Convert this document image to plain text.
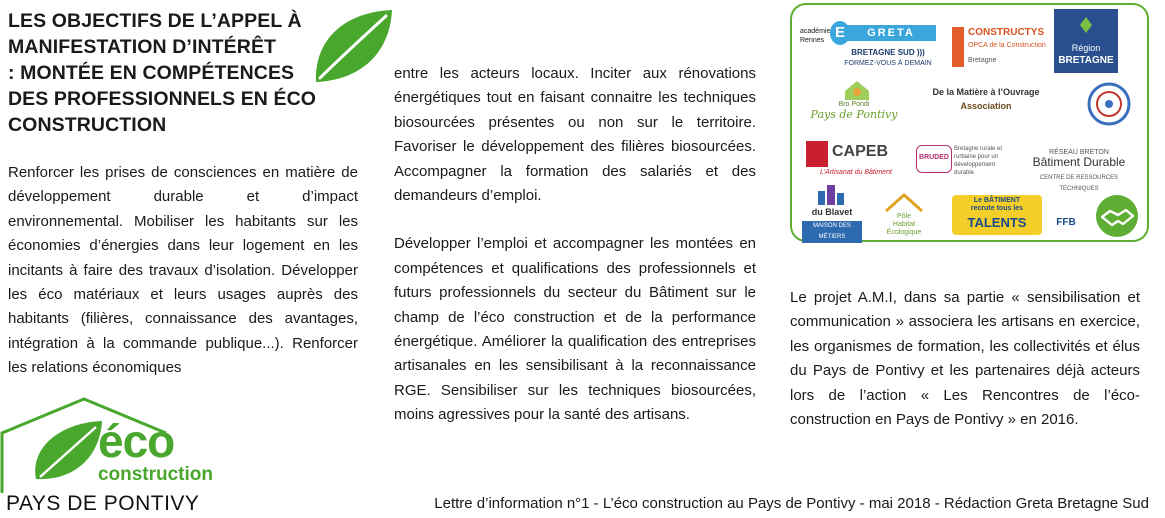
LES OBJECTIFS DE L’APPEL À
MANIFESTATION D’INTÉRÊT
: MONTÉE EN COMPÉTENCES
DES PROFESSIONNELS EN ÉCO
CONSTRUCTION

Renforcer les prises de consciences en matière de développement durable et d’impact environnemental. Mobiliser les habitants sur les économies d’énergies dans leur logement en les incitants à faire des travaux d’isolation. Développer les éco matériaux et leurs usages auprès des habitants (filières, connaissance des avantages, intégration à la commande publique...). Renforcer les relations économiques

entre les acteurs locaux. Inciter aux rénovations énergétiques tout en faisant connaitre les techniques biosourcées présentes ou non sur le territoire. Favoriser le développement des filières biosourcées. Accompagner la formation des salariés et des demandeurs d’emploi.

Développer l’emploi et accompagner les montées en compétences et qualifications des professionnels et futurs professionnels du secteur du Bâtiment sur le champ de l’éco construction et de la performance énergétique. Améliorer la qualification des entreprises artisanales en les sensibilisant à la reconnaissance RGE. Sensibiliser sur les techniques biosourcées, moins agressives pour la santé des artisans.

académie
Rennes E	GRETA
BRETAGNE SUD )))
FORMEZ-VOUS À DEMAIN
CONSTRUCTYS
OPCA de la Construction
Bretagne
Région
BRETAGNE
Bro Pondi
Pays de Pontivy
De la Matière à l’Ouvrage
Association
CAPEB
L’Artisanat du Bâtiment
BRUDED
Bretagne rurale et rurbaine pour un développement durable
RÉSEAU BRETON
Bâtiment Durable
CENTRE DE RESSOURCES TECHNIQUES
du Blavet
MAISON DES MÉTIERS
Pôle
Habitat
Écologique
Le BÂTIMENT
recrute tous les
TALENTS	FFB

Le projet A.M.I, dans sa partie « sensibilisation et communication » associera les artisans en exercice, les organismes de formation, les collectivités et élus du Pays de Pontivy et les partenaires déjà acteurs lors de l’action « Les Rencontres de l’éco-construction en Pays de Pontivy » en 2016.

éco
construction
PAYS DE PONTIVY	Lettre d’information n°1 - L’éco construction au Pays de Pontivy - mai 2018 - Rédaction Greta Bretagne Sud
